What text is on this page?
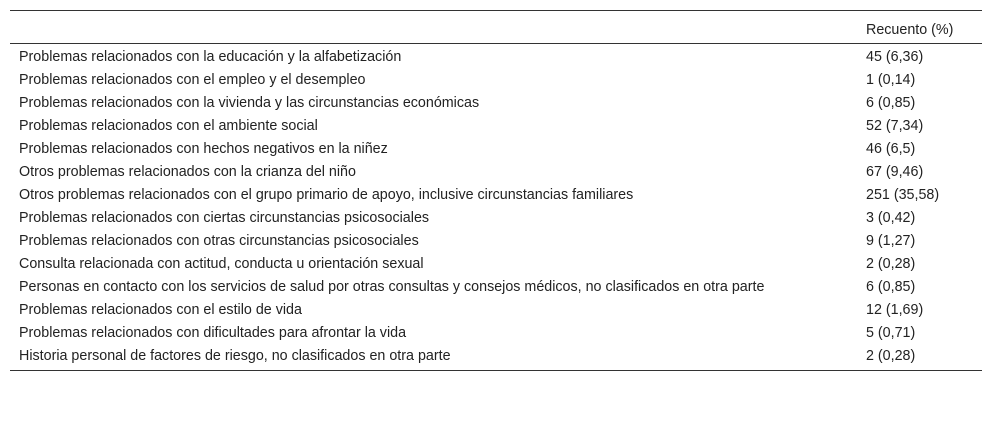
	Recuento (%)
Problemas relacionados con la educación y la alfabetización	45 (6,36)
Problemas relacionados con el empleo y el desempleo	1 (0,14)
Problemas relacionados con la vivienda y las circunstancias económicas	6 (0,85)
Problemas relacionados con el ambiente social	52 (7,34)
Problemas relacionados con hechos negativos en la niñez	46 (6,5)
Otros problemas relacionados con la crianza del niño	67 (9,46)
Otros problemas relacionados con el grupo primario de apoyo, inclusive circunstancias familiares	251 (35,58)
Problemas relacionados con ciertas circunstancias psicosociales	3 (0,42)
Problemas relacionados con otras circunstancias psicosociales	9 (1,27)
Consulta relacionada con actitud, conducta u orientación sexual	2 (0,28)
Personas en contacto con los servicios de salud por otras consultas y consejos médicos, no clasificados en otra parte	6 (0,85)
Problemas relacionados con el estilo de vida	12 (1,69)
Problemas relacionados con dificultades para afrontar la vida	5 (0,71)
Historia personal de factores de riesgo, no clasificados en otra parte	2 (0,28)
